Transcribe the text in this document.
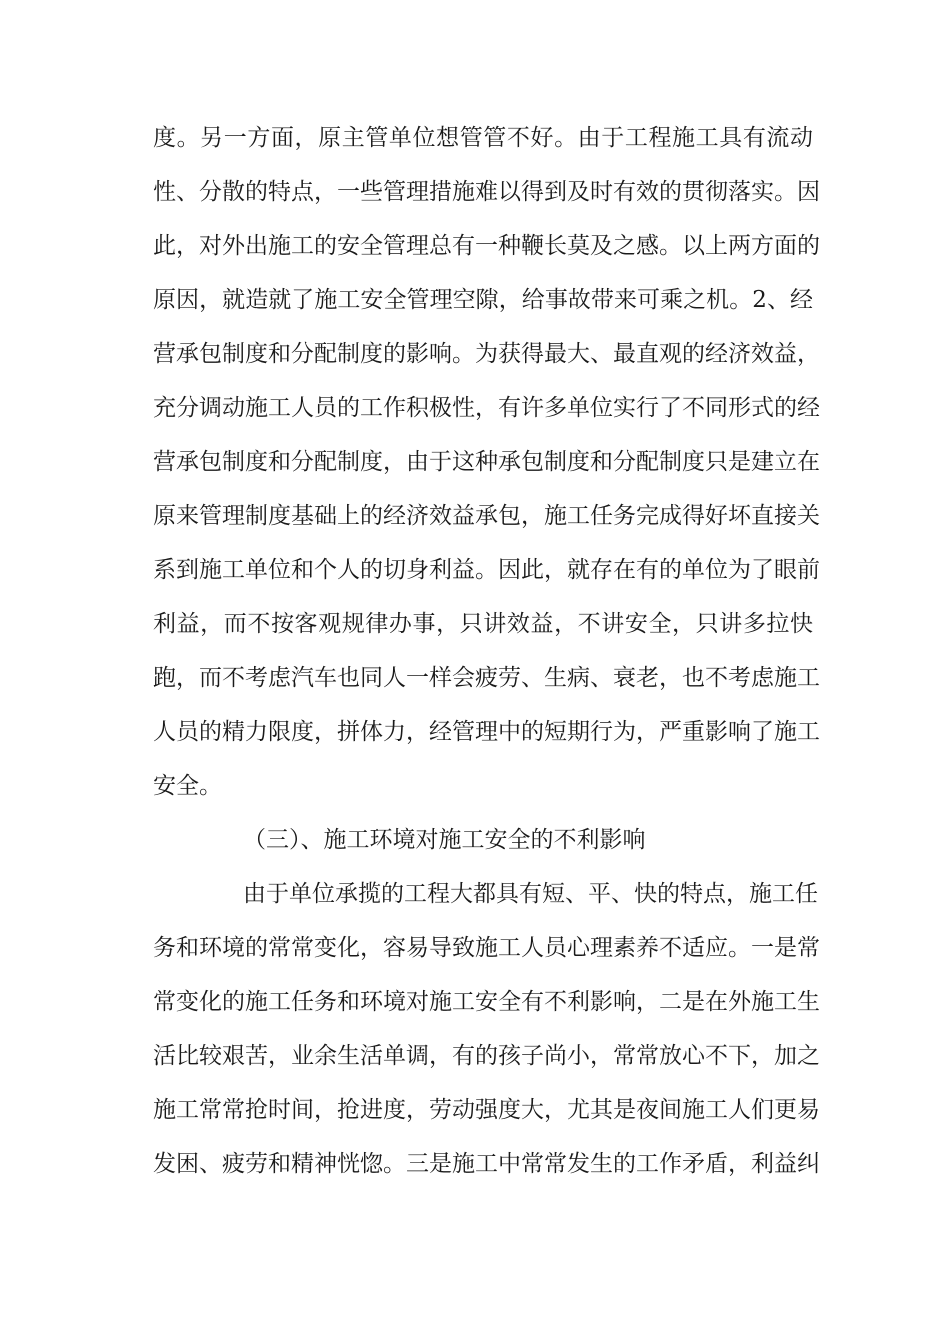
度。另一方面，原主管单位想管管不好。由于工程施工具有流动
性、分散的特点，一些管理措施难以得到及时有效的贯彻落实。因
此，对外出施工的安全管理总有一种鞭长莫及之感。以上两方面的
原因，就造就了施工安全管理空隙，给事故带来可乘之机。2、经
营承包制度和分配制度的影响。为获得最大、最直观的经济效益，
充分调动施工人员的工作积极性，有许多单位实行了不同形式的经
营承包制度和分配制度，由于这种承包制度和分配制度只是建立在
原来管理制度基础上的经济效益承包，施工任务完成得好坏直接关
系到施工单位和个人的切身利益。因此，就存在有的单位为了眼前
利益，而不按客观规律办事，只讲效益，不讲安全，只讲多拉快
跑，而不考虑汽车也同人一样会疲劳、生病、衰老，也不考虑施工
人员的精力限度，拼体力，经管理中的短期行为，严重影响了施工
安全。
（三）、施工环境对施工安全的不利影响
由于单位承揽的工程大都具有短、平、快的特点，施工任
务和环境的常常变化，容易导致施工人员心理素养不适应。一是常
常变化的施工任务和环境对施工安全有不利影响，二是在外施工生
活比较艰苦，业余生活单调，有的孩子尚小，常常放心不下，加之
施工常常抢时间，抢进度，劳动强度大，尤其是夜间施工人们更易
发困、疲劳和精神恍惚。三是施工中常常发生的工作矛盾，利益纠
